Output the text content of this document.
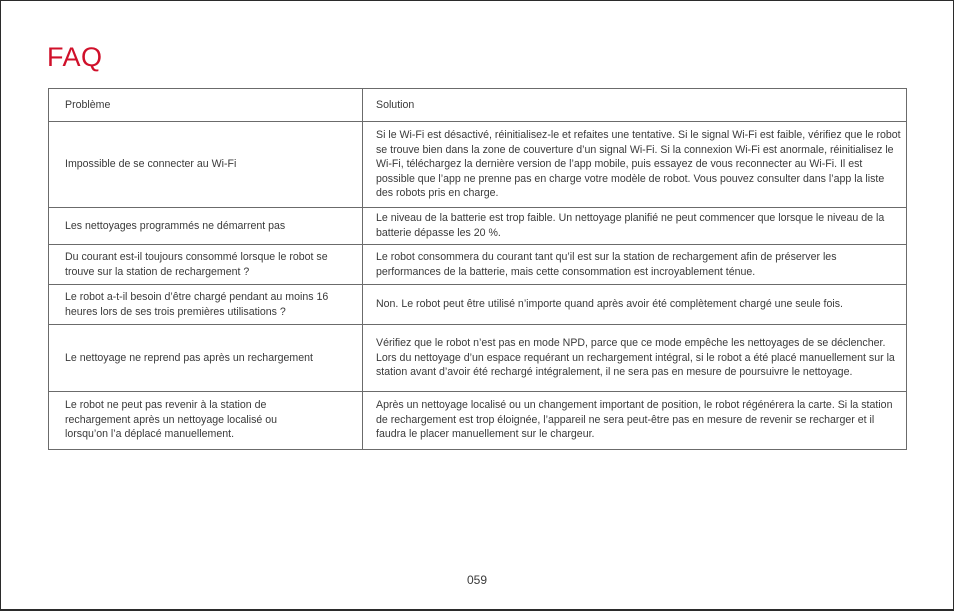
FAQ
Problème	Solution
Impossible de se connecter au Wi-Fi	Si le Wi-Fi est désactivé, réinitialisez-le et refaites une tentative. Si le signal Wi-Fi est faible, vérifiez que le robot se trouve bien dans la zone de couverture d’un signal Wi-Fi. Si la connexion Wi-Fi est anormale, réinitialisez le Wi-Fi, téléchargez la dernière version de l’app mobile, puis essayez de vous reconnecter au Wi-Fi. Il est possible que l’app ne prenne pas en charge votre modèle de robot. Vous pouvez consulter dans l’app la liste des robots pris en charge.
Les nettoyages programmés ne démarrent pas	Le niveau de la batterie est trop faible. Un nettoyage planifié ne peut commencer que lorsque le niveau de la batterie dépasse les 20 %.
Du courant est-il toujours consommé lorsque le robot se trouve sur la station de rechargement ?	Le robot consommera du courant tant qu’il est sur la station de rechargement afin de préserver les performances de la batterie, mais cette consommation est incroyablement ténue.
Le robot a-t-il besoin d’être chargé pendant au moins 16 heures lors de ses trois premières utilisations ?	Non. Le robot peut être utilisé n’importe quand après avoir été complètement chargé une seule fois.
Le nettoyage ne reprend pas après un rechargement	Vérifiez que le robot n’est pas en mode NPD, parce que ce mode empêche les nettoyages de se déclencher. Lors du nettoyage d’un espace requérant un rechargement intégral, si le robot a été placé manuellement sur la station avant d’avoir été rechargé intégralement, il ne sera pas en mesure de poursuivre le nettoyage.
Le robot ne peut pas revenir à la station de rechargement après un nettoyage localisé ou lorsqu’on l’a déplacé manuellement.	Après un nettoyage localisé ou un changement important de position, le robot régénérera la carte. Si la station de rechargement est trop éloignée, l’appareil ne sera peut-être pas en mesure de revenir se recharger et il faudra le placer manuellement sur le chargeur.
059
